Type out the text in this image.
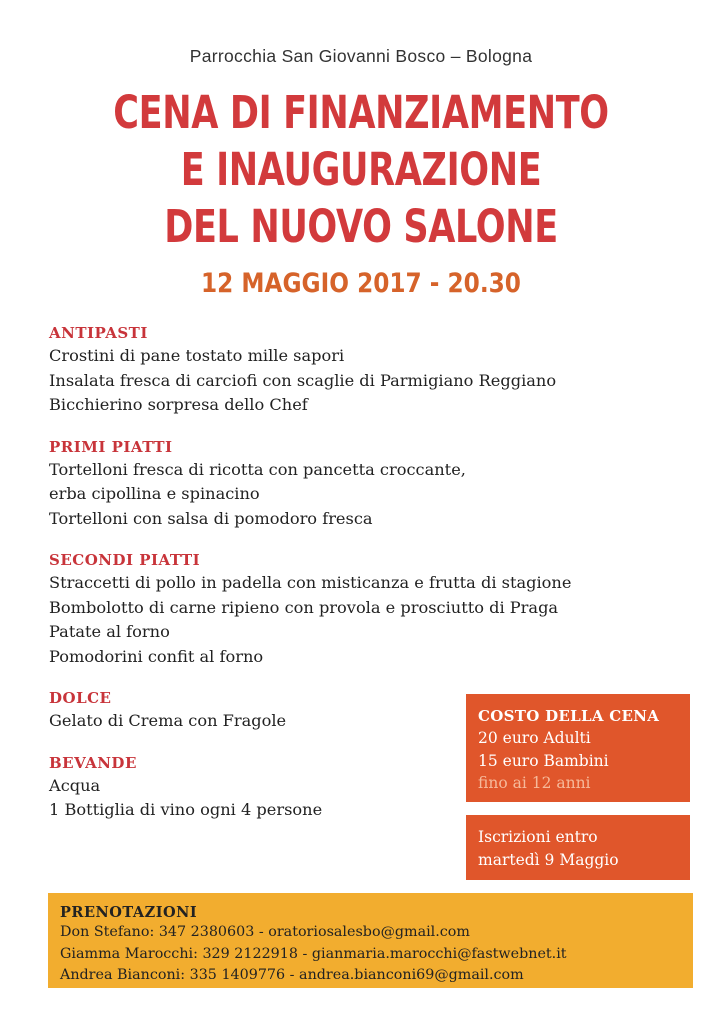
Parrocchia San Giovanni Bosco – Bologna
CENA DI FINANZIAMENTO
E INAUGURAZIONE
DEL NUOVO SALONE
12 MAGGIO 2017 - 20.30
ANTIPASTI
Crostini di pane tostato mille sapori
Insalata fresca di carciofi con scaglie di Parmigiano Reggiano
Bicchierino sorpresa dello Chef
PRIMI PIATTI
Tortelloni fresca di ricotta con pancetta croccante,
erba cipollina e spinacino
Tortelloni con salsa di pomodoro fresca
SECONDI PIATTI
Straccetti di pollo in padella con misticanza e frutta di stagione
Bombolotto di carne ripieno con provola e prosciutto di Praga
Patate al forno
Pomodorini confit al forno
DOLCE
Gelato di Crema con Fragole
BEVANDE
Acqua
1 Bottiglia di vino ogni 4 persone
COSTO DELLA CENA
20 euro Adulti
15 euro Bambini
fino ai 12 anni
Iscrizioni entro
martedì 9 Maggio
PRENOTAZIONI
Don Stefano: 347 2380603 - oratoriosalesbo@gmail.com
Giamma Marocchi: 329 2122918 - gianmaria.marocchi@fastwebnet.it
Andrea Bianconi: 335 1409776 - andrea.bianconi69@gmail.com
